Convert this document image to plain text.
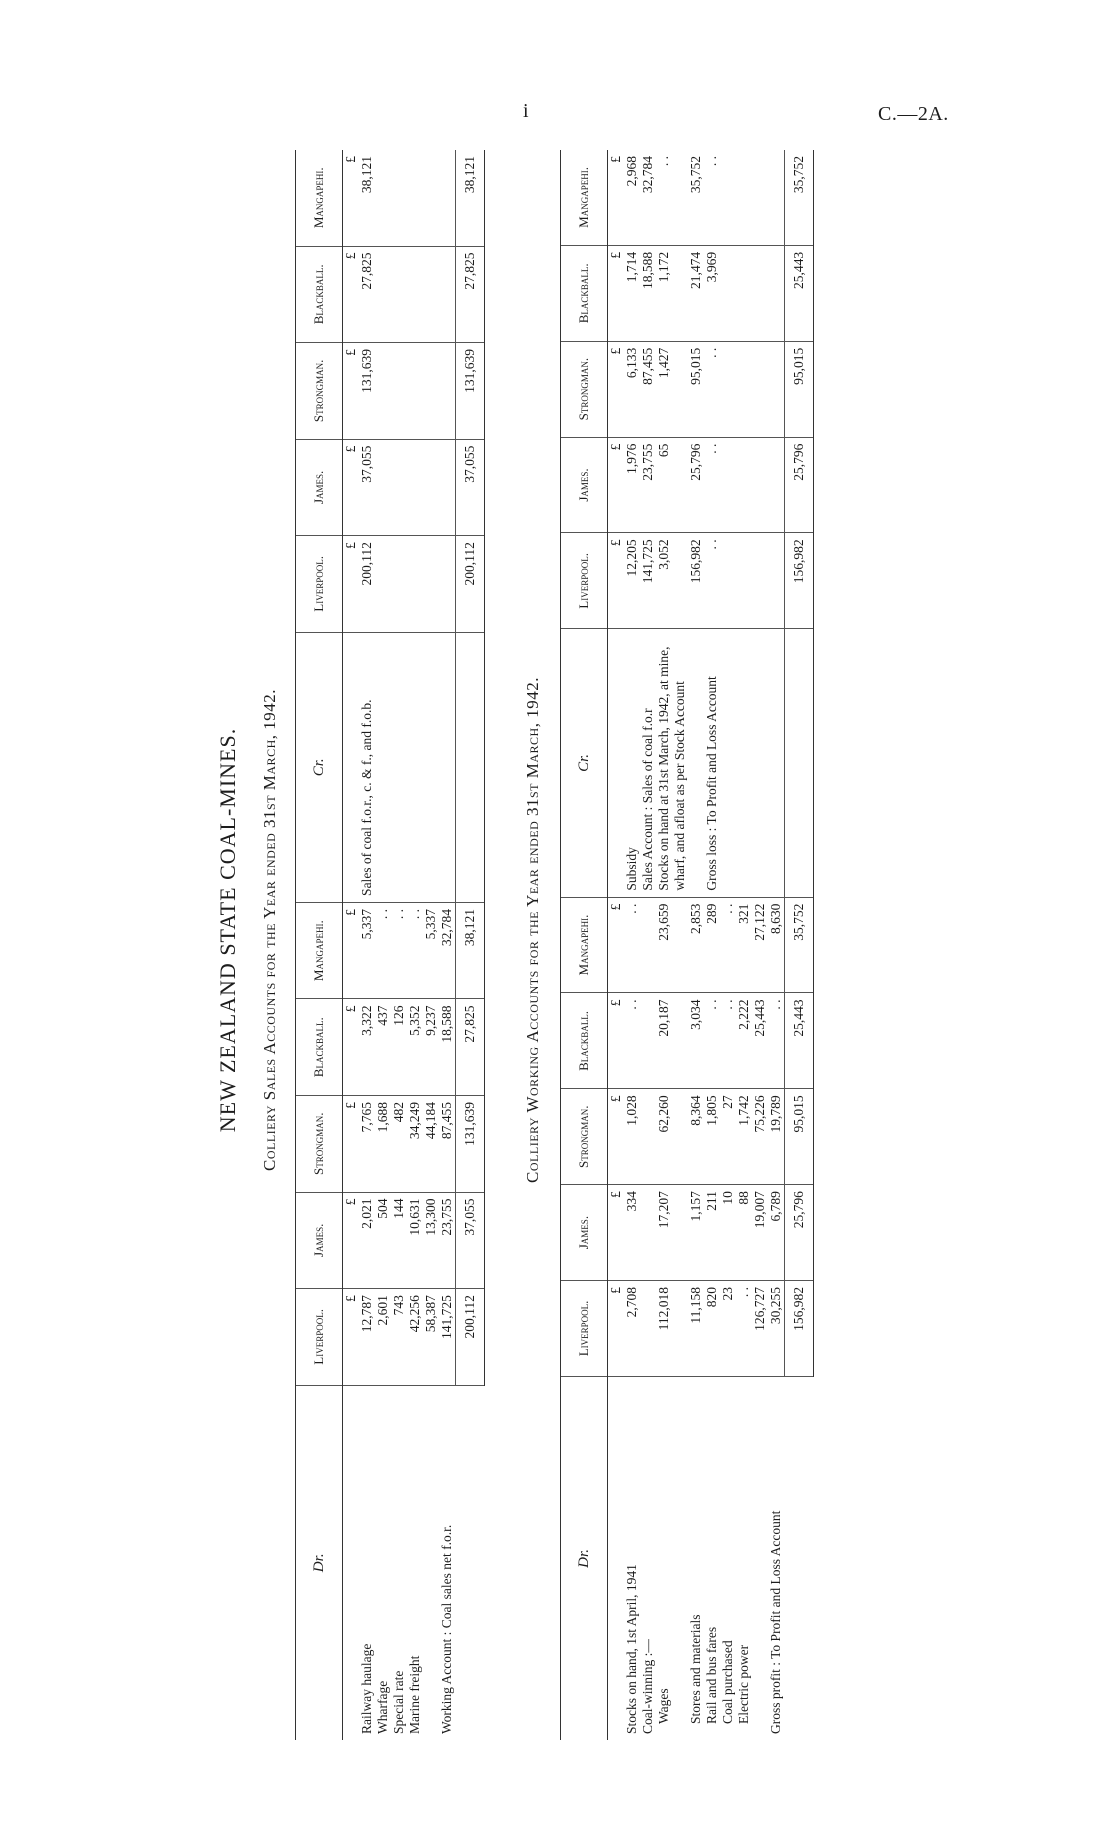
i	C.—2A.
NEW ZEALAND STATE COAL-MINES. Colliery Sales Accounts for the Year ended 31st March, 1942.
Dr.	Liverpool.	James.	Strongman.	Blackball.	Mangapehi.	Cr.	Liverpool.	James.	Strongman.	Blackball.	Mangapehi.
	£	£	£	£	£		£	£	£	£	£
Railway haulage	12,787	2,021	7,765	3,322	5,337	Sales of coal f.o.r., c. & f., and f.o.b.	200,112	37,055	131,639	27,825	38,121
Wharfage	2,601	504	1,688	437	. .						
Special rate	743	144	482	126	. .						
Marine freight	42,256	10,631	34,249	5,352	. .						
	58,387	13,300	44,184	9,237	5,337						
Working Account : Coal sales net f.o.r.	141,725	23,755	87,455	18,588	32,784						
	200,112	37,055	131,639	27,825	38,121		200,112	37,055	131,639	27,825	38,121
Colliery Working Accounts for the Year ended 31st March, 1942.
Dr.	Liverpool.	James.	Strongman.	Blackball.	Mangapehi.	Cr.	Liverpool.	James.	Strongman.	Blackball.	Mangapehi.
	£	£	£	£	£		£	£	£	£	£
Stocks on hand, 1st April, 1941	2,708	334	1,028	. .	. .	Subsidy	12,205	1,976	6,133	1,714	2,968
Coal-winning :—						Sales Account : Sales of coal f.o.r	141,725	23,755	87,455	18,588	32,784
Wages	112,018	17,207	62,260	20,187	23,659	Stocks on hand at 31st March, 1942, at mine, wharf, and afloat as per Stock Account	3,052	65	1,427	1,172	. .
Stores and materials	11,158	1,157	8,364	3,034	2,853		156,982	25,796	95,015	21,474	35,752
Rail and bus fares	820	211	1,805	. .	289	Gross loss : To Profit and Loss Account	. .	. .	. .	3,969	. .
Coal purchased	23	10	27	. .	. .						
Electric power	. .	88	1,742	2,222	321						
	126,727	19,007	75,226	25,443	27,122						
Gross profit : To Profit and Loss Account	30,255	6,789	19,789	. .	8,630						
	156,982	25,796	95,015	25,443	35,752		156,982	25,796	95,015	25,443	35,752
